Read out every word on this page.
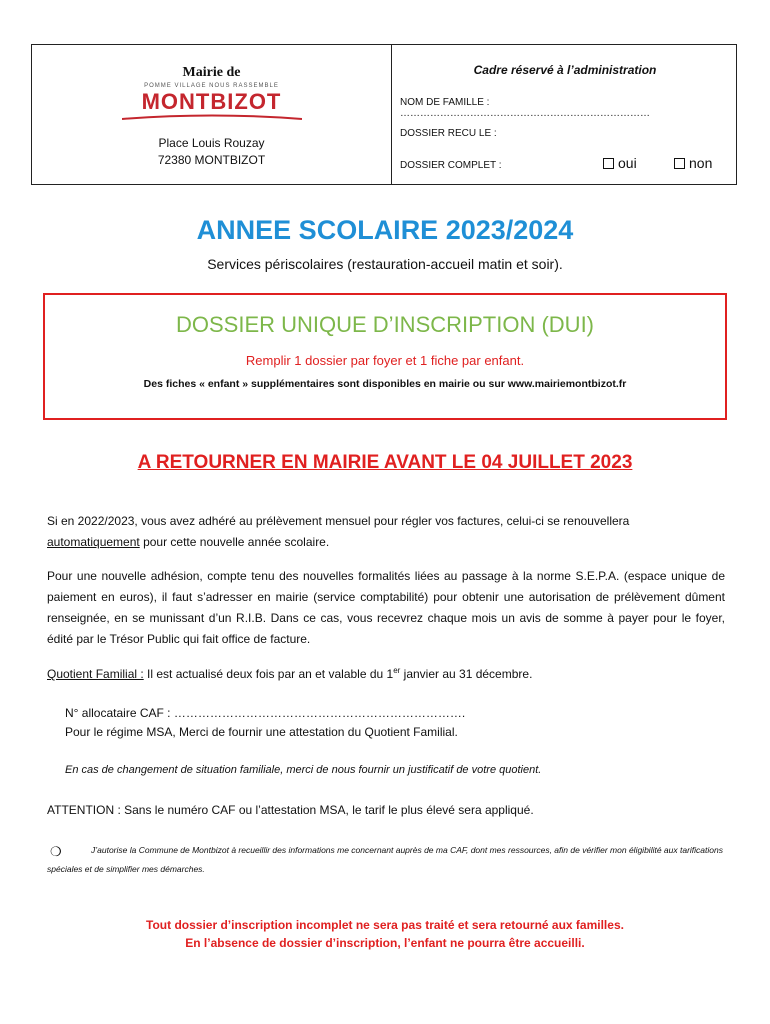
Mairie de
POMME VILLAGE NOUS RASSEMBLE
MONTBIZOT
Place Louis Rouzay
72380 MONTBIZOT
Cadre réservé à l’administration
NOM DE FAMILLE : …………………………………………………………………
DOSSIER RECU LE :
DOSSIER COMPLET :	oui	non
ANNEE SCOLAIRE 2023/2024
Services périscolaires (restauration-accueil matin et soir).
DOSSIER UNIQUE D’INSCRIPTION (DUI)
Remplir 1 dossier par foyer et 1 fiche par enfant.
Des fiches « enfant » supplémentaires sont disponibles en mairie ou sur www.mairiemontbizot.fr
A RETOURNER EN MAIRIE AVANT LE 04 JUILLET 2023
Si en 2022/2023, vous avez adhéré au prélèvement mensuel pour régler vos factures, celui-ci se renouvellera
automatiquement pour cette nouvelle année scolaire.
Pour une nouvelle adhésion, compte tenu des nouvelles formalités liées au passage à la norme S.E.P.A. (espace unique de paiement en euros), il faut s’adresser en mairie (service comptabilité) pour obtenir une autorisation de prélèvement dûment renseignée, en se munissant d’un R.I.B. Dans ce cas, vous recevrez chaque mois un avis de somme à payer pour le foyer, édité par le Trésor Public qui fait office de facture.
Quotient Familial : Il est actualisé deux fois par an et valable du 1er janvier au 31 décembre.
N° allocataire CAF : ……………………………………………………………….
Pour le régime MSA, Merci de fournir une attestation du Quotient Familial.
En cas de changement de situation familiale, merci de nous fournir un justificatif de votre quotient.
ATTENTION : Sans le numéro CAF ou l’attestation MSA, le tarif le plus élevé sera appliqué.
❍	J’autorise la Commune de Montbizot à recueillir des informations me concernant auprès de ma CAF, dont mes ressources, afin de vérifier mon éligibilité aux tarifications spéciales et de simplifier mes démarches.
Tout dossier d’inscription incomplet ne sera pas traité et sera retourné aux familles.
En l’absence de dossier d’inscription, l’enfant ne pourra être accueilli.
